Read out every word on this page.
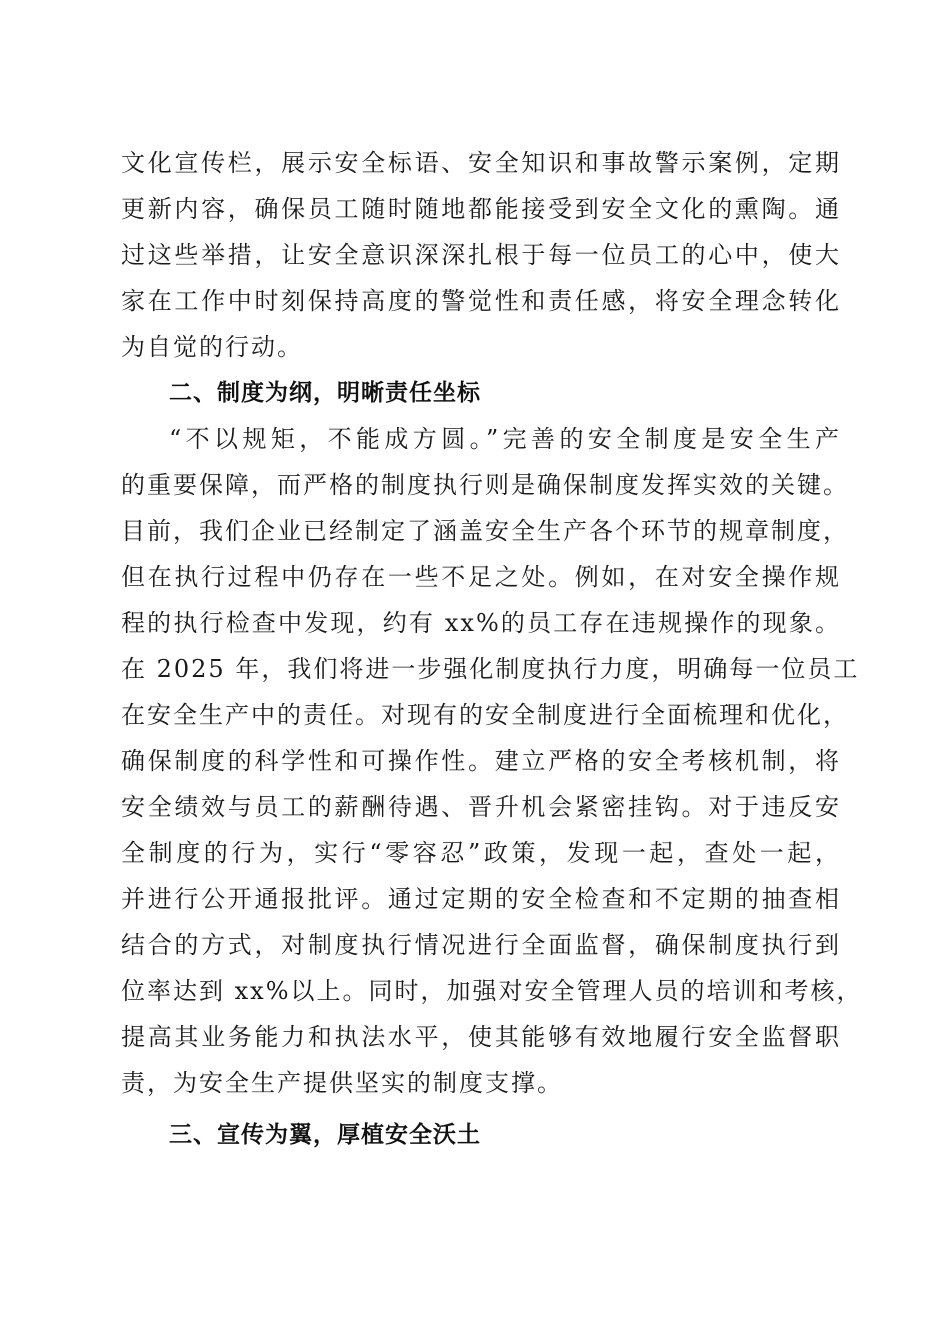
文化宣传栏，展示安全标语、安全知识和事故警示案例，定期
更新内容，确保员工随时随地都能接受到安全文化的熏陶。通
过这些举措，让安全意识深深扎根于每一位员工的心中，使大
家在工作中时刻保持高度的警觉性和责任感，将安全理念转化
为自觉的行动。
二、制度为纲，明晰责任坐标
“不以规矩，不能成方圆。”完善的安全制度是安全生产
的重要保障，而严格的制度执行则是确保制度发挥实效的关键。
目前，我们企业已经制定了涵盖安全生产各个环节的规章制度，
但在执行过程中仍存在一些不足之处。例如，在对安全操作规
程的执行检查中发现，约有 xx%的员工存在违规操作的现象。
在 2025 年，我们将进一步强化制度执行力度，明确每一位员工
在安全生产中的责任。对现有的安全制度进行全面梳理和优化，
确保制度的科学性和可操作性。建立严格的安全考核机制，将
安全绩效与员工的薪酬待遇、晋升机会紧密挂钩。对于违反安
全制度的行为，实行“零容忍”政策，发现一起，查处一起，
并进行公开通报批评。通过定期的安全检查和不定期的抽查相
结合的方式，对制度执行情况进行全面监督，确保制度执行到
位率达到 xx%以上。同时，加强对安全管理人员的培训和考核，
提高其业务能力和执法水平，使其能够有效地履行安全监督职
责，为安全生产提供坚实的制度支撑。
三、宣传为翼，厚植安全沃土
